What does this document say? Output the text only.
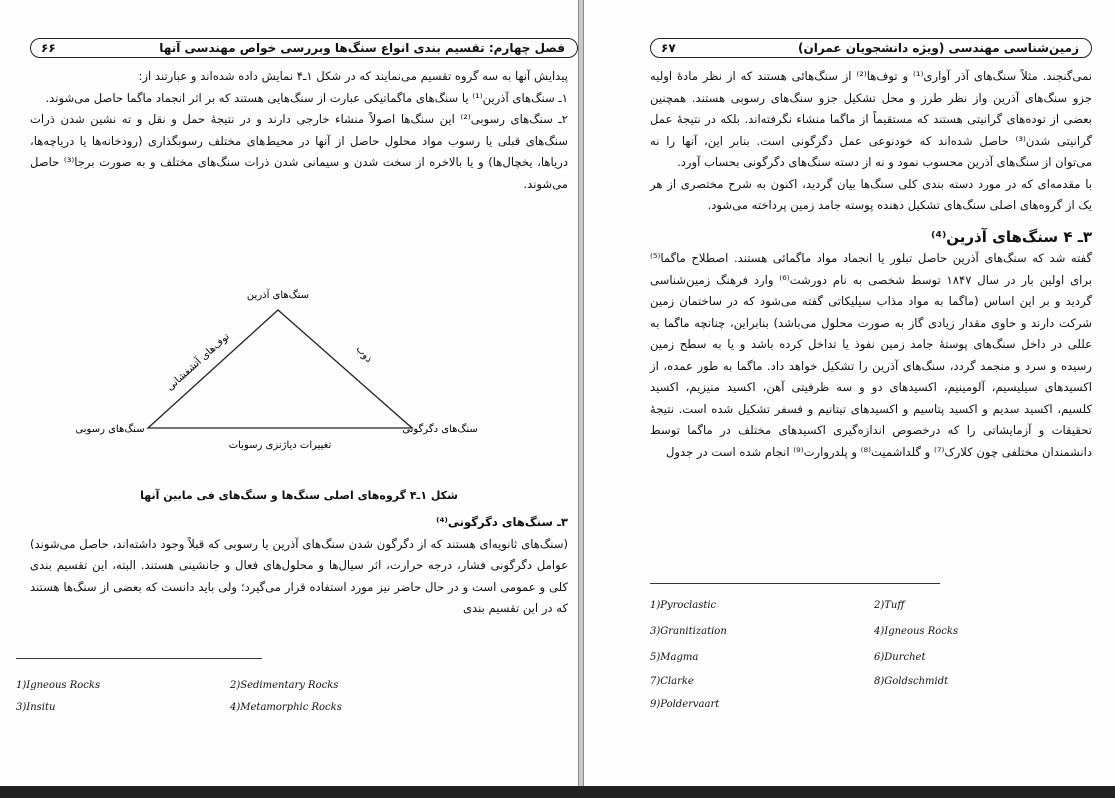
فصل چهارم: تقسیم بندی انواع سنگ‌ها وبررسی خواص مهندسی آنها
۶۶

پیدایش آنها به سه گروه تقسیم می‌نمایند که در شکل ۱ـ۴ نمایش داده شده‌اند و عبارتند از:

۱ـ سنگ‌های آذرین⁽¹⁾ یا سنگ‌های ماگماتیکی عبارت از سنگ‌هایی هستند که بر اثر انجماد ماگما حاصل می‌شوند.

۲ـ سنگ‌های رسوبی⁽²⁾ این سنگ‌ها اصولاً منشاء خارجی دارند و در نتیجهٔ حمل و نقل و ته نشین شدن ذرات سنگ‌های قبلی یا رسوب مواد محلول حاصل از آنها در محیط‌های مختلف رسوبگذاری (رودخانه‌ها یا دریاچه‌ها، دریاها، یخچال‌ها) و یا بالاخره از سخت شدن و سیمانی شدن ذرات سنگ‌های مختلف و به صورت برجا⁽³⁾ حاصل می‌شوند.

سنگ‌های آذرین
سنگ‌های رسوبی	سنگ‌های دگرگونی
تغییرات دیاژنزی رسوبات
توف‌های آتشفشانی	ذوب
شکل ۱ـ۴ گروه‌های اصلی سنگ‌ها و سنگ‌های فی مابین آنها

۳ـ سنگ‌های دگرگونی⁽⁴⁾

(سنگ‌های ثانویه‌ای هستند که از دگرگون شدن سنگ‌های آذرین یا رسوبی که قبلاً وجود داشته‌اند، حاصل می‌شوند) عوامل دگرگونی فشار، درجه حرارت، اثر سیال‌ها و محلول‌های فعال و جانشینی هستند. البته، این تقسیم بندی کلی و عمومی است و در حال حاضر نیز مورد استفاده قرار می‌گیرد؛ ولی باید دانست که بعضی از سنگ‌ها هستند که در این تقسیم بندی

1)Igneous Rocks	2)Sedimentary Rocks
3)Insitu	4)Metamorphic Rocks
زمین‌شناسی مهندسی (ویژه دانشجویان عمران)
۶۷

نمی‌گنجند. مثلاً سنگ‌های آذر آواری⁽¹⁾ و توف‌ها⁽²⁾ از سنگ‌هائی هستند که از نظر مادهٔ اولیه جزو سنگ‌های آذرین واز نظر طرز و محل تشکیل جزو سنگ‌های رسوبی هستند. همچنین بعضی از توده‌های گرانیتی هستند که مستقیماً از ماگما منشاء نگرفته‌اند. بلکه در نتیجهٔ عمل گرانیتی شدن⁽³⁾ حاصل شده‌اند که خودنوعی عمل دگرگونی است. بنابر این، آنها را نه می‌توان از سنگ‌های آذرین محسوب نمود و نه از دسته سنگ‌های دگرگونی بحساب آورد.

با مقدمه‌ای که در مورد دسته بندی کلی سنگ‌ها بیان گردید، اکنون به شرح مختصری از هر یک از گروه‌های اصلی سنگ‌های تشکیل دهنده پوسته جامد زمین پرداخته می‌شود.

۳ـ ۴ سنگ‌های آذرین⁽⁴⁾

گفته شد که سنگ‌های آذرین حاصل تبلور یا انجماد مواد ماگمائی هستند. اصطلاح ماگما⁽⁵⁾ برای اولین بار در سال ۱۸۴۷ توسط شخصی به نام دورشت⁽⁶⁾ وارد فرهنگ زمین‌شناسی گردید و بر این اساس (ماگما به مواد مذاب سیلیکاتی گفته می‌شود که در ساختمان زمین شرکت دارند و حاوی مقدار زیادی گاز به صورت محلول می‌باشد) بنابراین، چنانچه ماگما به عللی در داخل سنگ‌های پوستهٔ جامد زمین نفوذ یا تداخل کرده باشد و یا به سطح زمین رسیده و سرد و منجمد گردد، سنگ‌های آذرین را تشکیل خواهد داد. ماگما به طور عمده، از اکسیدهای سیلیسیم، آلومینیم، اکسیدهای دو و سه ظرفیتی آهن، اکسید منیزیم، اکسید کلسیم، اکسید سدیم و اکسید پتاسیم و اکسیدهای تیتانیم و فسفر تشکیل شده است. نتیجهٔ تحقیقات و آزمایشاتی را که درخصوص اندازه‌گیری اکسیدهای مختلف در ماگما توسط دانشمندان مختلفی چون کلارک⁽⁷⁾ و گلداشمیت⁽⁸⁾ و پلدروارت⁽⁹⁾ انجام شده است در جدول

1)Pyroclastic	2)Tuff
3)Granitization	4)Igneous Rocks
5)Magma	6)Durchet
7)Clarke	8)Goldschmidt
9)Poldervaart
